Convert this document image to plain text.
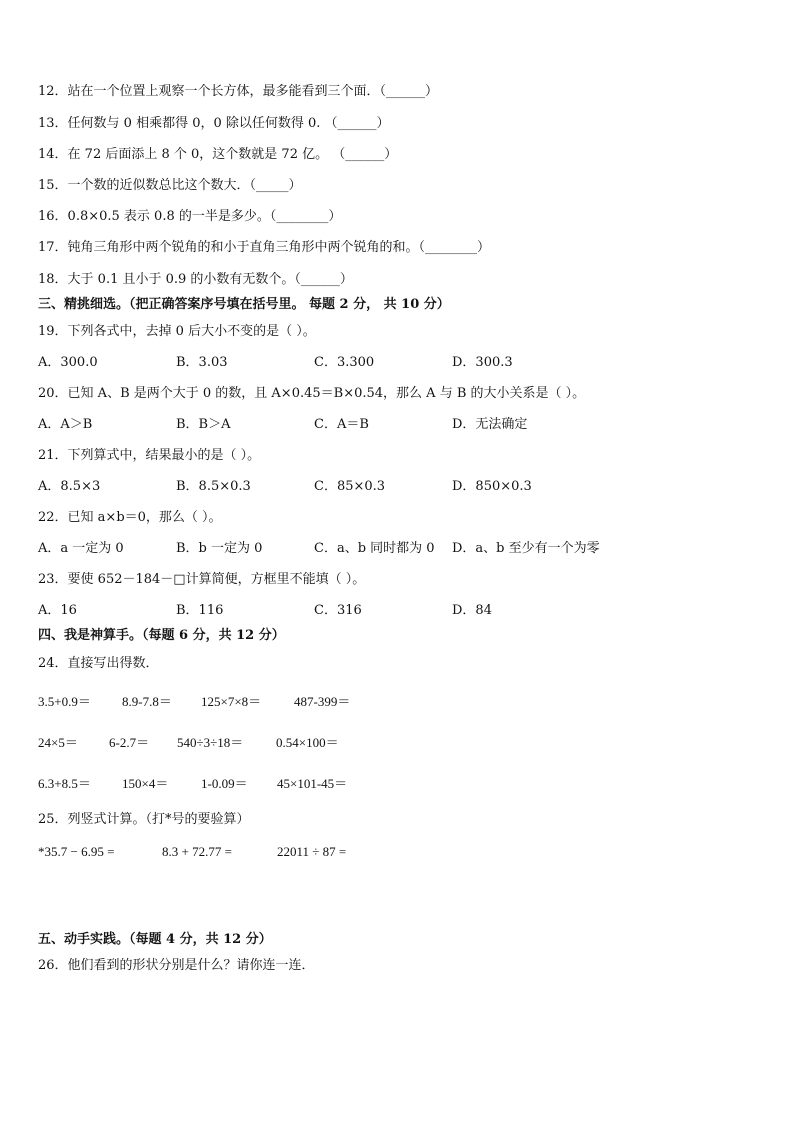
12．站在一个位置上观察一个长方体，最多能看到三个面．（______）
13．任何数与 0 相乘都得 0，0 除以任何数得 0. （______）
14．在 72 后面添上 8 个 0，这个数就是 72 亿。 （______）
15．一个数的近似数总比这个数大．（_____）
16．0.8×0.5 表示 0.8 的一半是多少。（________）
17．钝角三角形中两个锐角的和小于直角三角形中两个锐角的和。（________）
18．大于 0.1 且小于 0.9 的小数有无数个。（______）
三、精挑细选。（把正确答案序号填在括号里。 每题 2 分， 共 10 分）
19．下列各式中，去掉 0 后大小不变的是（ ）。
A．300.0	B．3.03	C．3.300	D．300.3
20．已知 A、B 是两个大于 0 的数，且 A×0.45＝B×0.54，那么 A 与 B 的大小关系是（ ）。
A．A＞B	B．B＞A	C．A＝B	D．无法确定
21．下列算式中，结果最小的是（ ）。
A．8.5×3	B．8.5×0.3	C．85×0.3	D．850×0.3
22．已知 a×b＝0，那么（ ）。
A．a 一定为 0	B．b 一定为 0	C．a、b 同时都为 0 D．a、b 至少有一个为零
23．要使 652－184－□计算简便，方框里不能填（ ）。
A．16	B．116	C．316	D．84
四、我是神算手。（每题 6 分，共 12 分）
24．直接写出得数．
3.5+0.9＝ 8.9-7.8＝ 125×7×8＝	487-399＝
24×5＝ 6-2.7＝ 540÷3÷18＝	0.54×100＝
6.3+8.5＝ 150×4＝	1-0.09＝ 45×101-45＝
25．列竖式计算。（打*号的要验算）
*35.7 − 6.95 =	8.3 + 72.77 =	22011 ÷ 87 =
五、动手实践。（每题 4 分，共 12 分）
26．他们看到的形状分别是什么？请你连一连．
